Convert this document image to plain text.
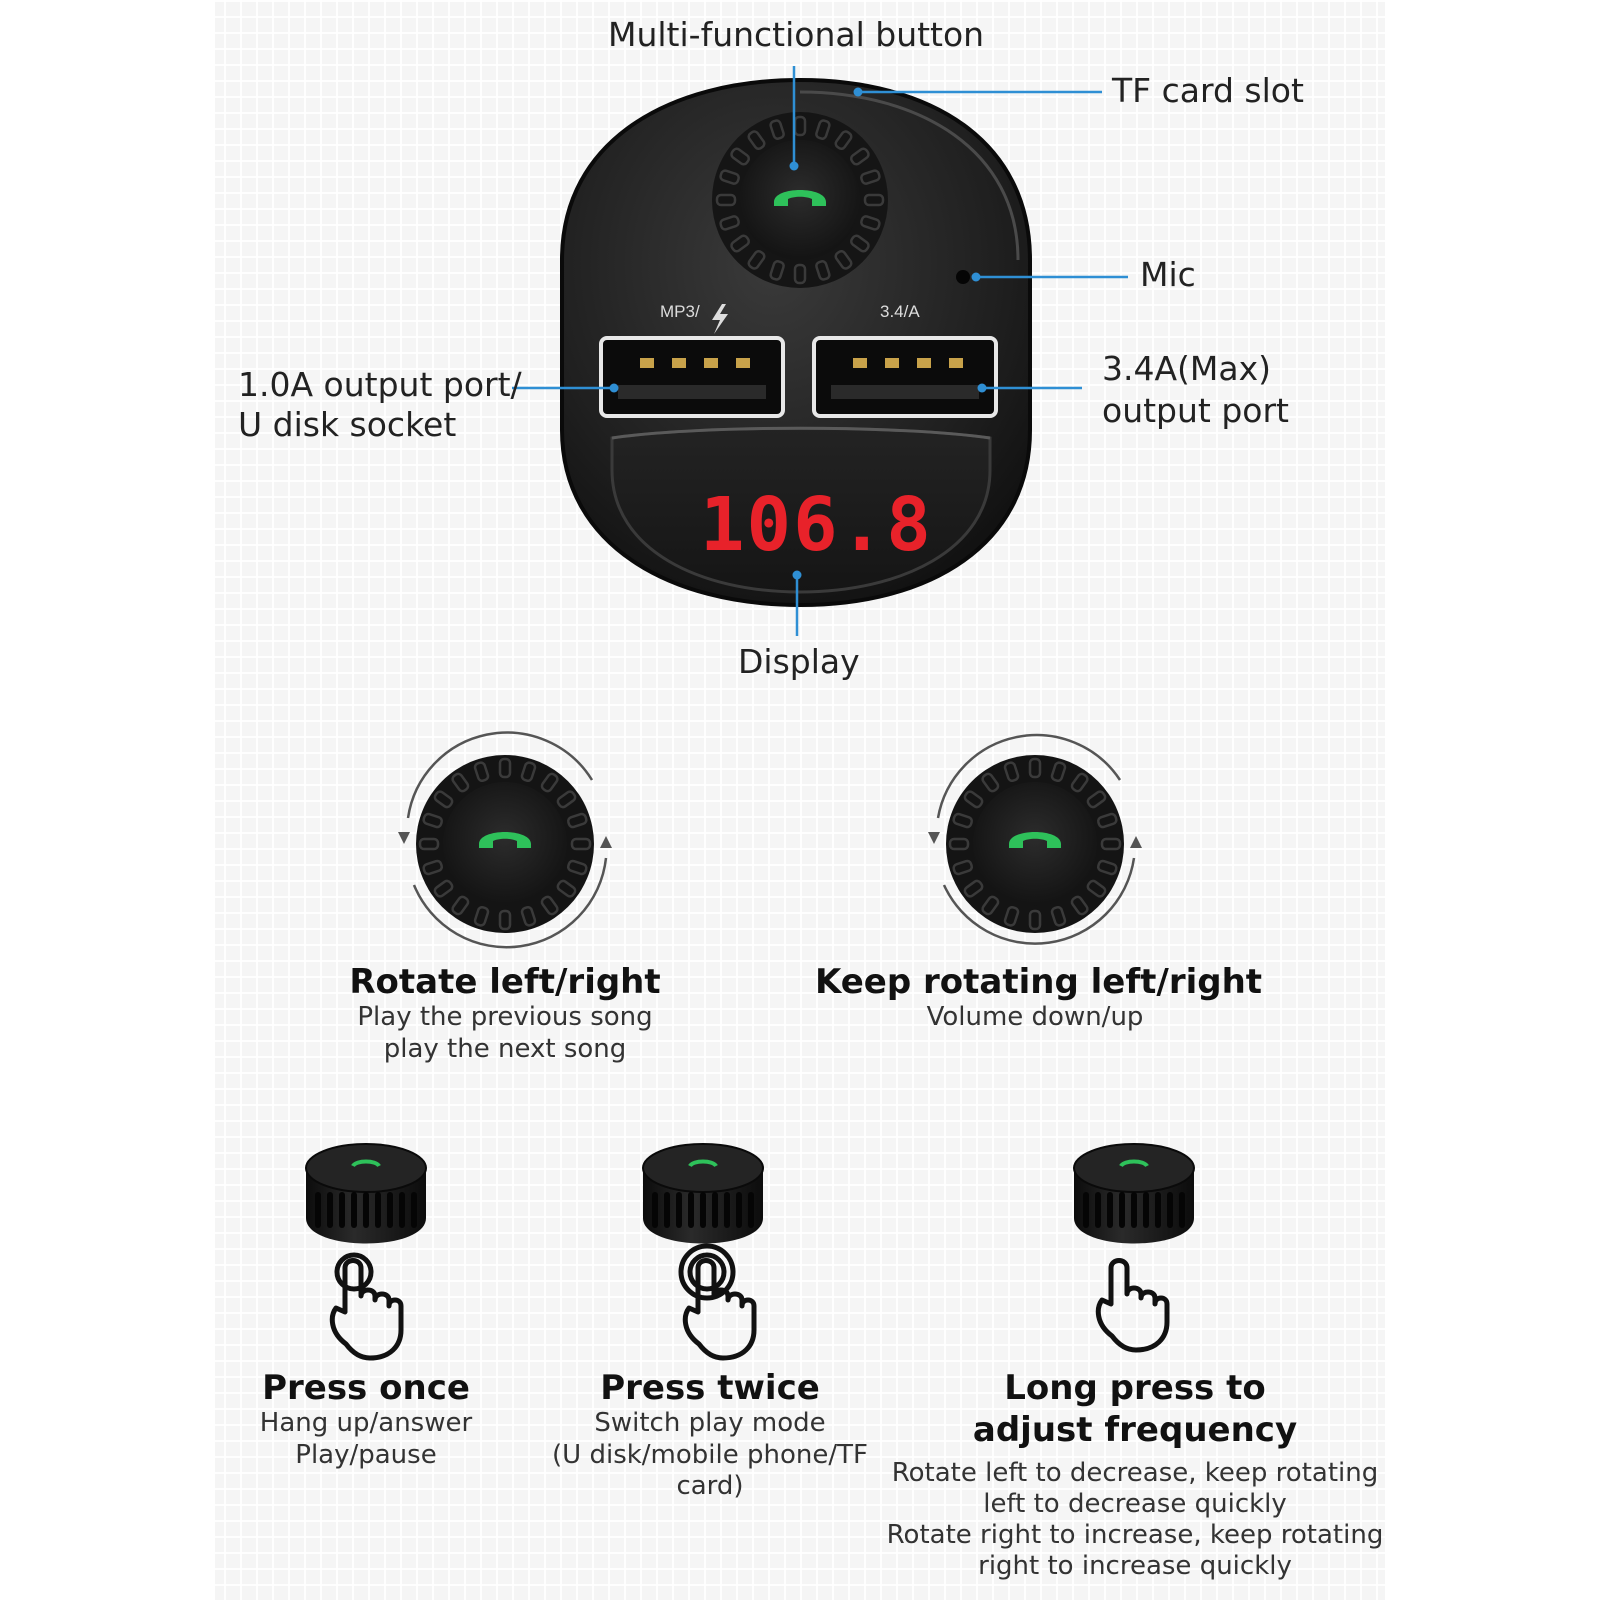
Multi-functional button
TF card slot
Mic
1.0A output port/
U disk socket
3.4A(Max)
output port
Display
MP3/	3.4/A
106.8
Rotate left/right
Play the previous song
play the next song
Keep rotating left/right
Volume down/up
Press once
Hang up/answer
Play/pause
Press twice
Switch play mode
(U disk/mobile phone/TF card)
Long press to
adjust frequency
Rotate left to decrease, keep rotating
left to decrease quickly
Rotate right to increase, keep rotating
right to increase quickly
